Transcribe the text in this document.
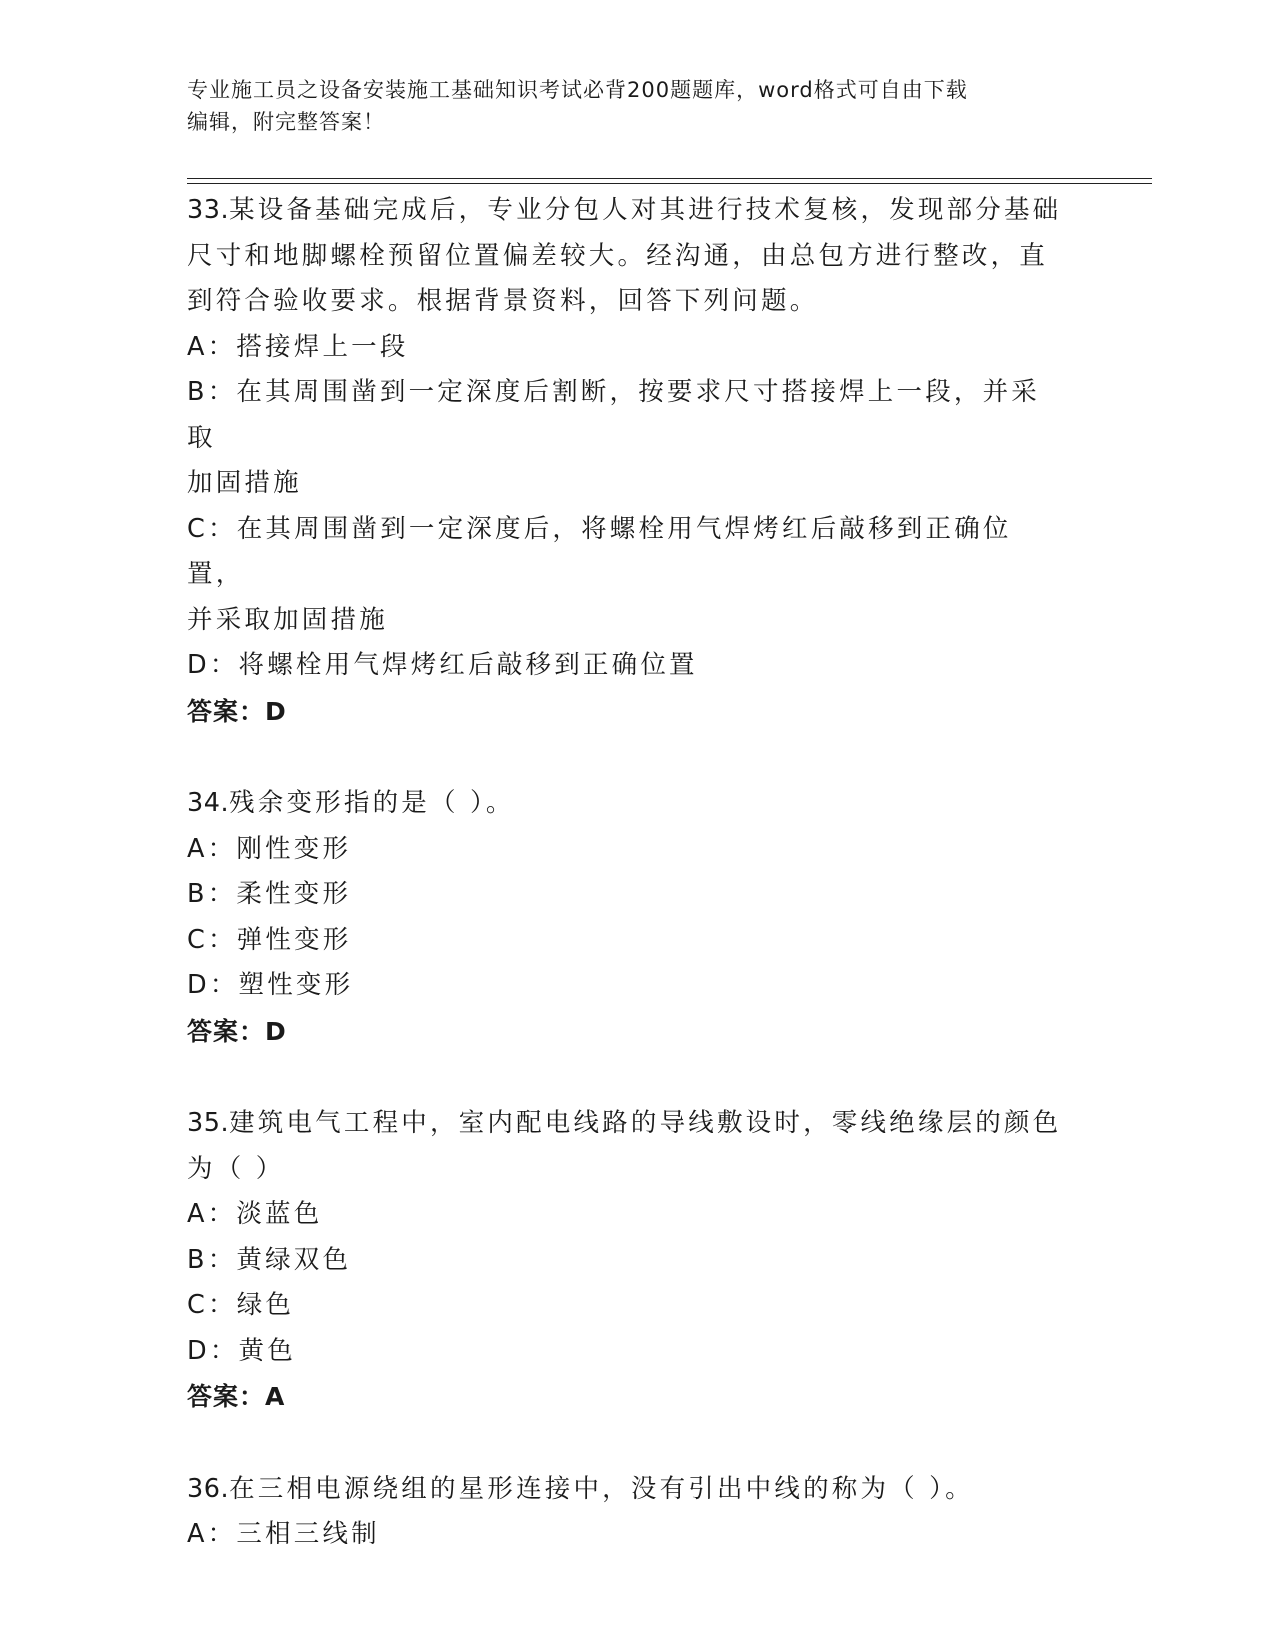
专业施工员之设备安装施工基础知识考试必背200题题库，word格式可自由下载
编辑，附完整答案！
33.某设备基础完成后，专业分包人对其进行技术复核，发现部分基础
尺寸和地脚螺栓预留位置偏差较大。经沟通，由总包方进行整改，直
到符合验收要求。根据背景资料，回答下列问题。
A：搭接焊上一段
B：在其周围凿到一定深度后割断，按要求尺寸搭接焊上一段，并采取
加固措施
C：在其周围凿到一定深度后，将螺栓用气焊烤红后敲移到正确位置，
并采取加固措施
D：将螺栓用气焊烤红后敲移到正确位置
答案：D
34.残余变形指的是（ ）。
A：刚性变形
B：柔性变形
C：弹性变形
D：塑性变形
答案：D
35.建筑电气工程中，室内配电线路的导线敷设时，零线绝缘层的颜色
为（ ）
A：淡蓝色
B：黄绿双色
C：绿色
D：黄色
答案：A
36.在三相电源绕组的星形连接中，没有引出中线的称为（ ）。
A：三相三线制
